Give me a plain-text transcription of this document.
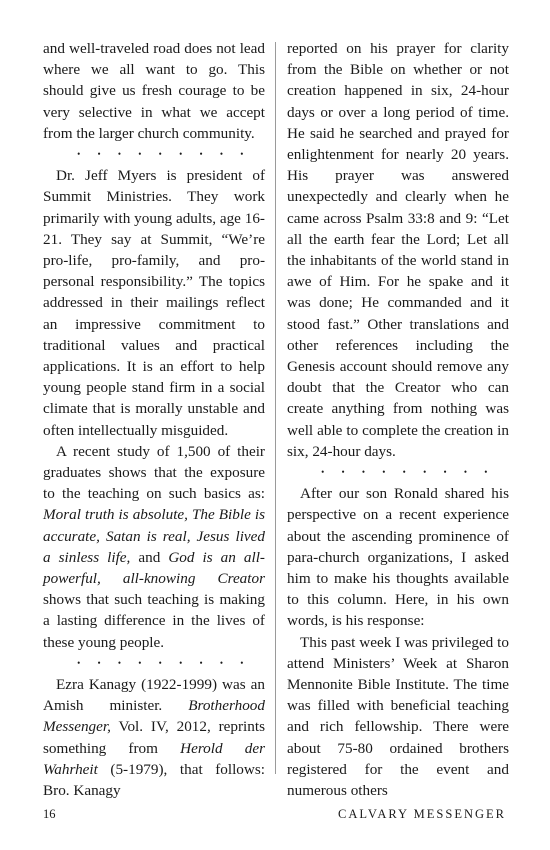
and well-traveled road does not lead where we all want to go. This should give us fresh courage to be very selective in what we accept from the larger church community.

• • • • • • • • •

Dr. Jeff Myers is president of Summit Ministries. They work primarily with young adults, age 16-21. They say at Summit, “We’re pro-life, pro-family, and pro-personal responsibility.” The topics addressed in their mailings reflect an impressive commitment to traditional values and practical applications. It is an effort to help young people stand firm in a social climate that is morally unstable and often intellectually misguided.

A recent study of 1,500 of their graduates shows that the exposure to the teaching on such basics as: Moral truth is absolute, The Bible is accurate, Satan is real, Jesus lived a sinless life, and God is an all-powerful, all-knowing Creator shows that such teaching is making a lasting difference in the lives of these young people.

• • • • • • • • •

Ezra Kanagy (1922-1999) was an Amish minister. Brotherhood Messenger, Vol. IV, 2012, reprints something from Herold der Wahrheit (5-1979), that follows: Bro. Kanagy

reported on his prayer for clarity from the Bible on whether or not creation happened in six, 24-hour days or over a long period of time. He said he searched and prayed for enlightenment for nearly 20 years. His prayer was answered unexpectedly and clearly when he came across Psalm 33:8 and 9: “Let all the earth fear the Lord; Let all the inhabitants of the world stand in awe of Him. For he spake and it was done; He commanded and it stood fast.” Other translations and other references including the Genesis account should remove any doubt that the Creator who can create anything from nothing was well able to complete the creation in six, 24-hour days.

• • • • • • • • •

After our son Ronald shared his perspective on a recent experience about the ascending prominence of para-church organizations, I asked him to make his thoughts available to this column. Here, in his own words, is his response:

This past week I was privileged to attend Ministers’ Week at Sharon Mennonite Bible Institute. The time was filled with beneficial teaching and rich fellowship. There were about 75-80 ordained brothers registered for the event and numerous others

16	CALVARY MESSENGER
